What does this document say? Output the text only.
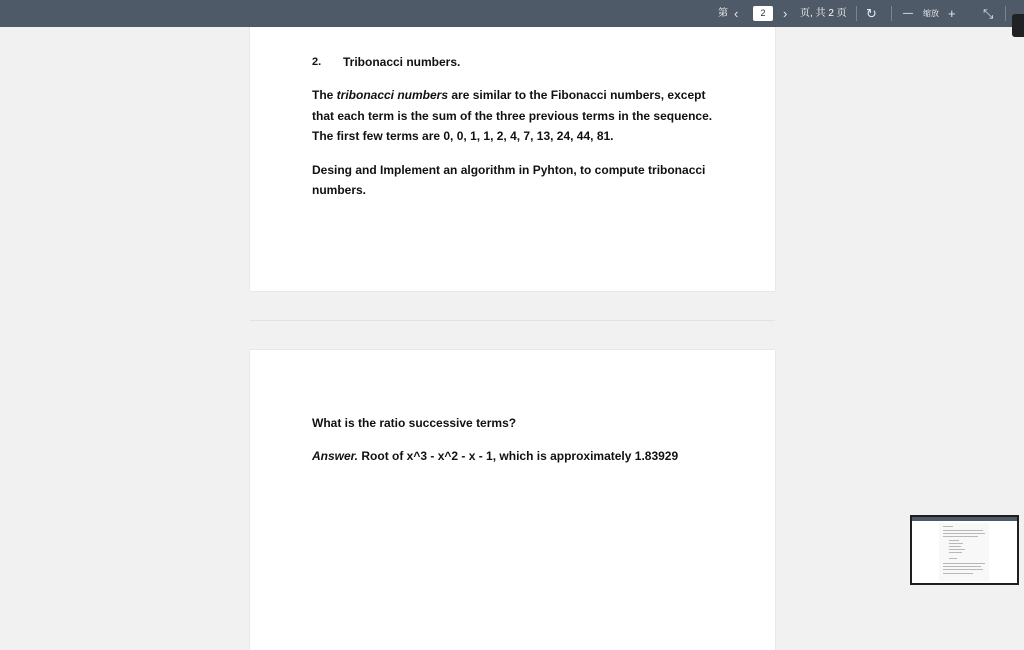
第 ‹	2	› 页, 共 2 页 ↻	— 缩放 + ⤡
2. Tribonacci numbers.
The tribonacci numbers are similar to the Fibonacci numbers, except
that each term is the sum of the three previous terms in the sequence.
The first few terms are 0, 0, 1, 1, 2, 4, 7, 13, 24, 44, 81.
Desing and Implement an algorithm in Pyhton, to compute tribonacci
numbers.
What is the ratio successive terms?
Answer. Root of x^3 - x^2 - x - 1, which is approximately 1.83929
